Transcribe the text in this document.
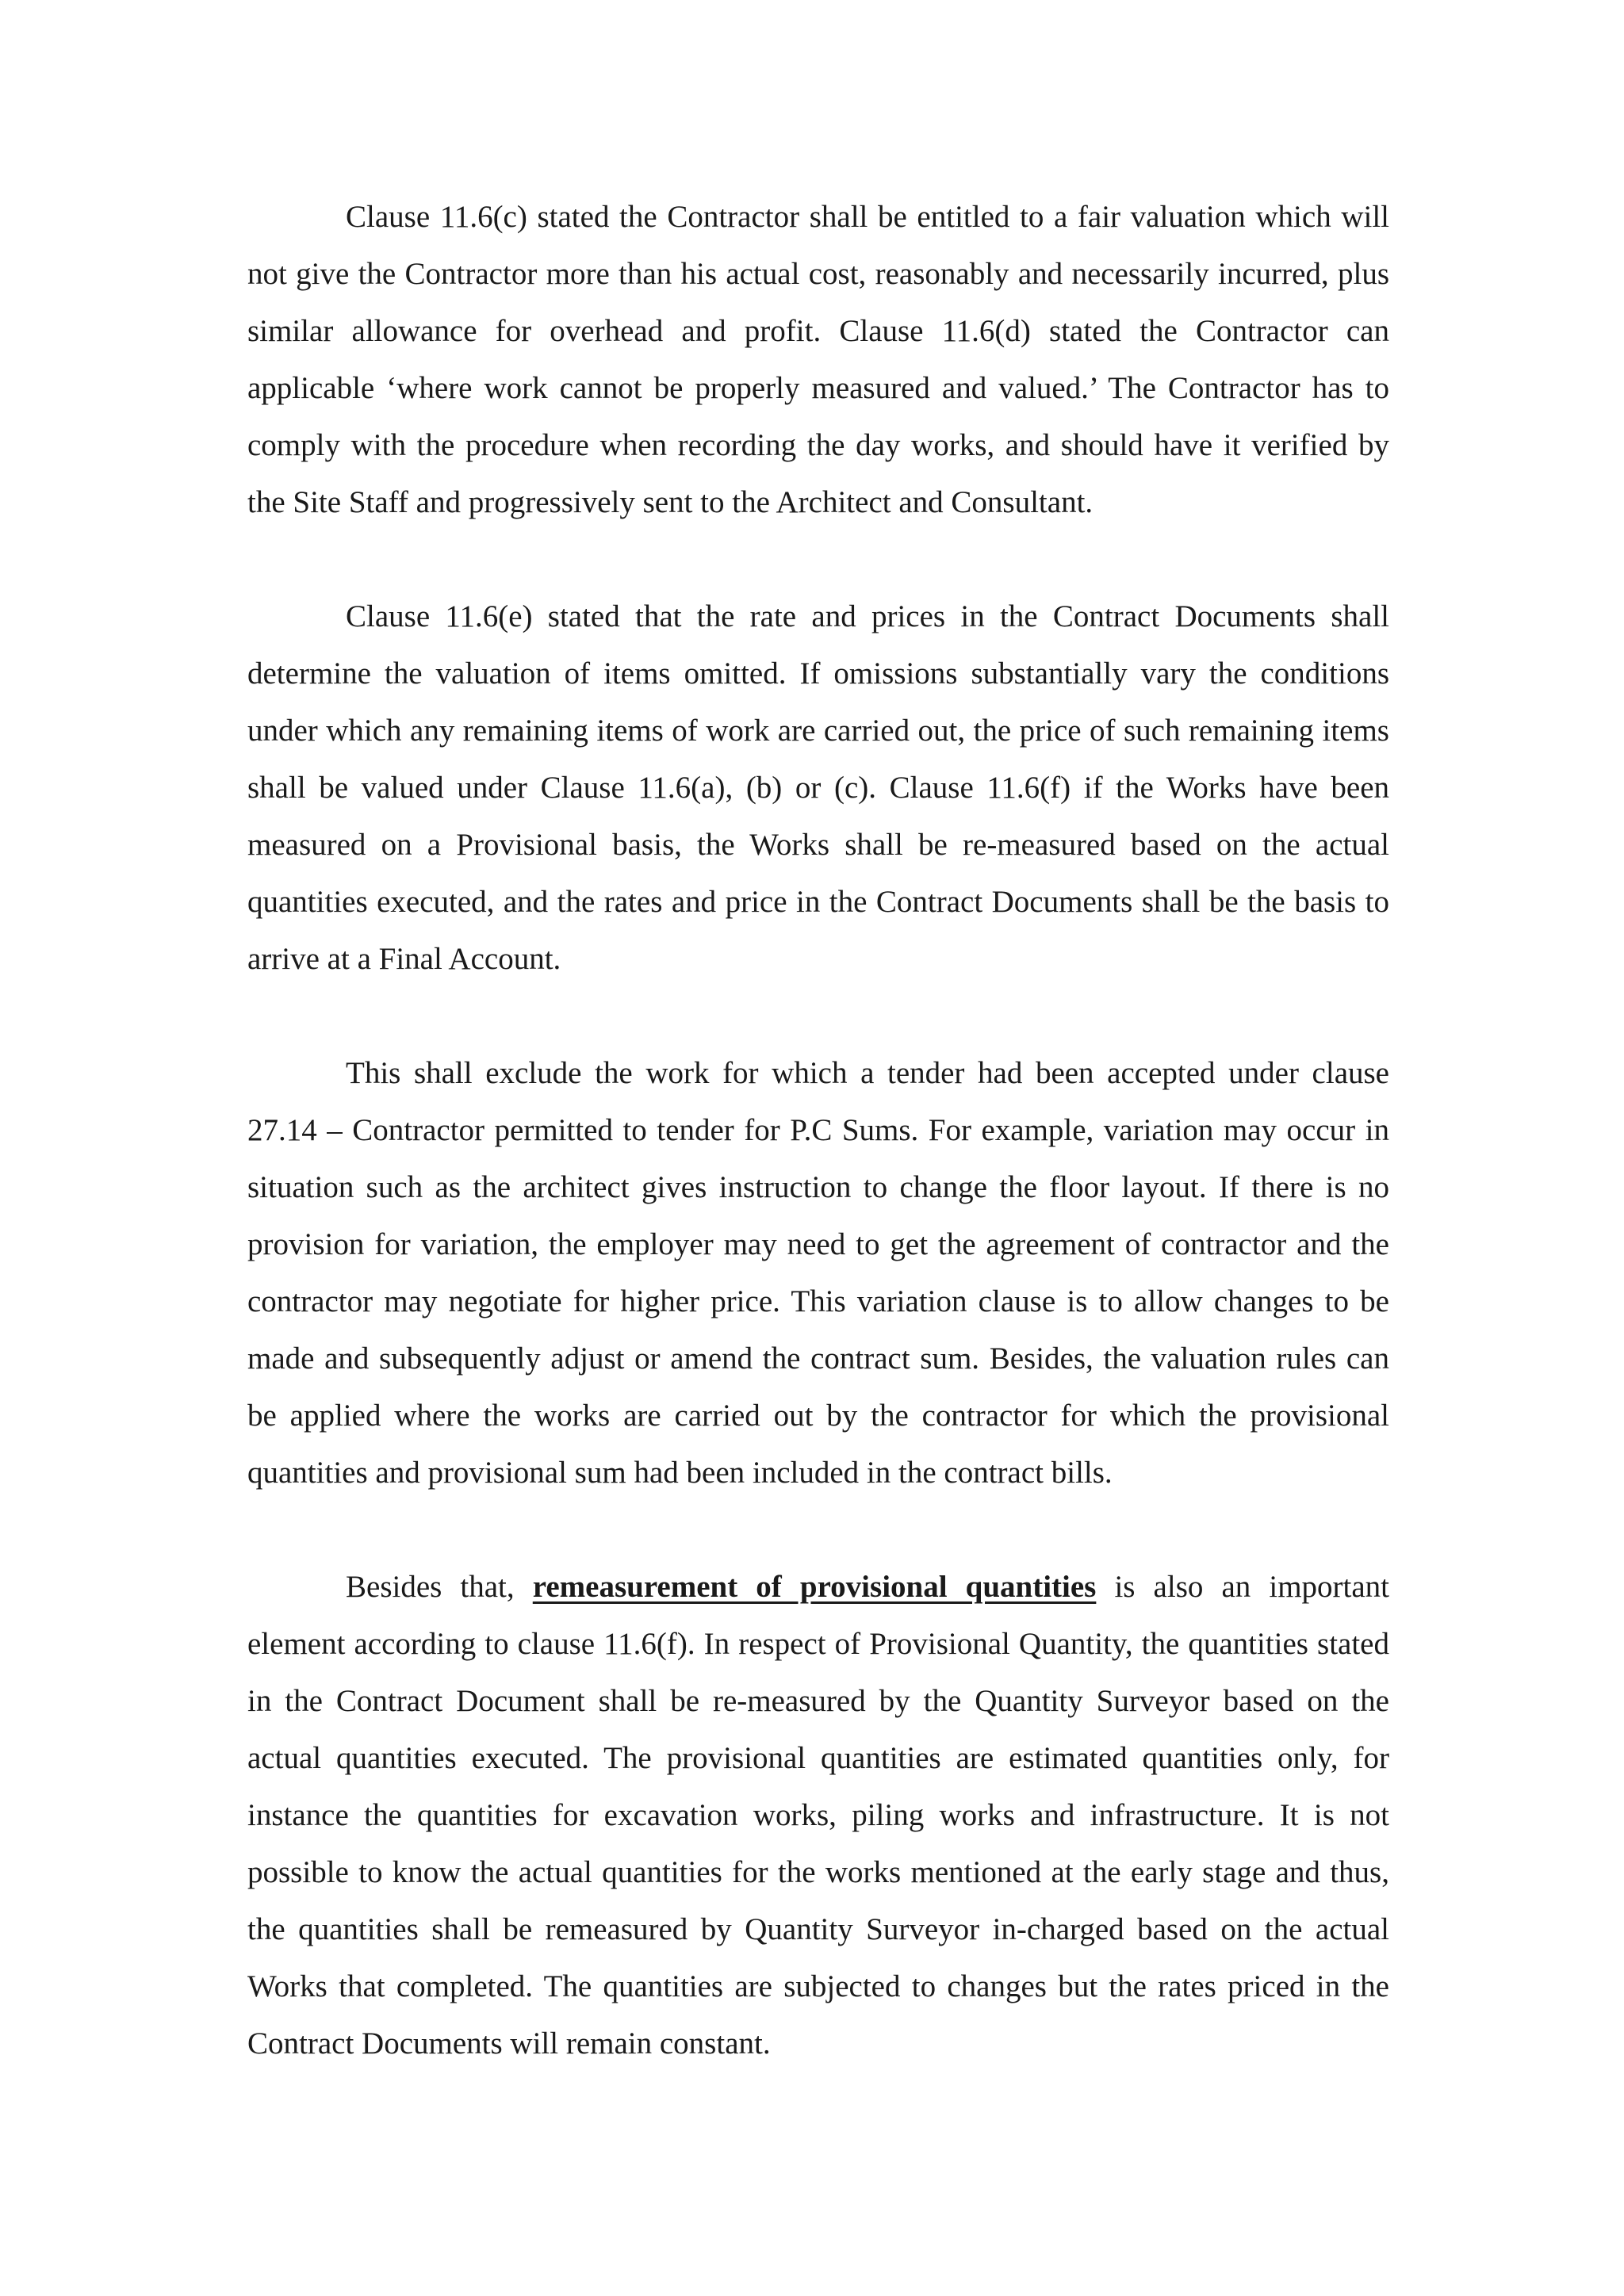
Clause 11.6(c) stated the Contractor shall be entitled to a fair valuation which will not give the Contractor more than his actual cost, reasonably and necessarily incurred, plus similar allowance for overhead and profit. Clause 11.6(d) stated the Contractor can applicable ‘where work cannot be properly measured and valued.’ The Contractor has to comply with the procedure when recording the day works, and should have it verified by the Site Staff and progressively sent to the Architect and Consultant.

Clause 11.6(e) stated that the rate and prices in the Contract Documents shall determine the valuation of items omitted. If omissions substantially vary the conditions under which any remaining items of work are carried out, the price of such remaining items shall be valued under Clause 11.6(a), (b) or (c). Clause 11.6(f) if the Works have been measured on a Provisional basis, the Works shall be re-measured based on the actual quantities executed, and the rates and price in the Contract Documents shall be the basis to arrive at a Final Account.

This shall exclude the work for which a tender had been accepted under clause 27.14 – Contractor permitted to tender for P.C Sums. For example, variation may occur in situation such as the architect gives instruction to change the floor layout. If there is no provision for variation, the employer may need to get the agreement of contractor and the contractor may negotiate for higher price. This variation clause is to allow changes to be made and subsequently adjust or amend the contract sum. Besides, the valuation rules can be applied where the works are carried out by the contractor for which the provisional quantities and provisional sum had been included in the contract bills.

Besides that, remeasurement of provisional quantities is also an important element according to clause 11.6(f). In respect of Provisional Quantity, the quantities stated in the Contract Document shall be re-measured by the Quantity Surveyor based on the actual quantities executed. The provisional quantities are estimated quantities only, for instance the quantities for excavation works, piling works and infrastructure. It is not possible to know the actual quantities for the works mentioned at the early stage and thus, the quantities shall be remeasured by Quantity Surveyor in-charged based on the actual Works that completed. The quantities are subjected to changes but the rates priced in the Contract Documents will remain constant.
